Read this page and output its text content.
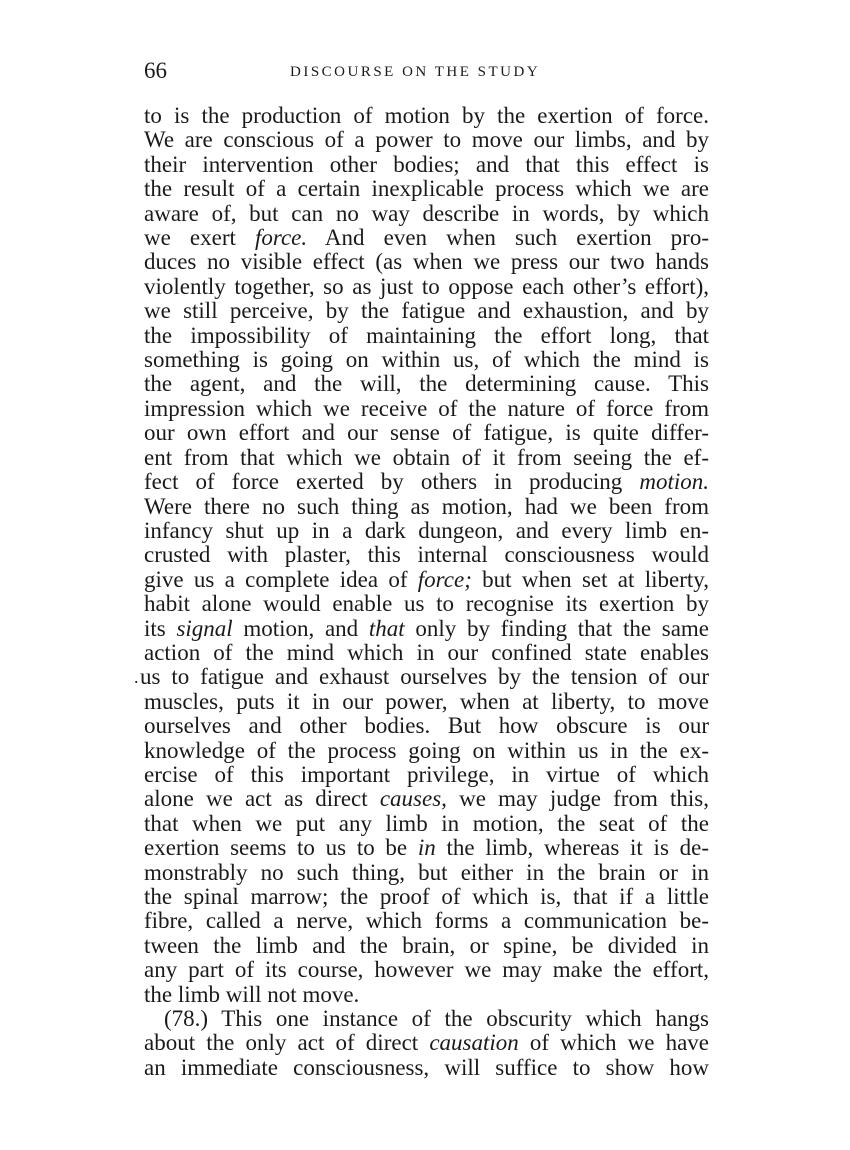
66	DISCOURSE ON THE STUDY
to is the production of motion by the exertion of force.
We are conscious of a power to move our limbs, and by
their intervention other bodies; and that this effect is
the result of a certain inexplicable process which we are
aware of, but can no way describe in words, by which
we exert force. And even when such exertion pro-
duces no visible effect (as when we press our two hands
violently together, so as just to oppose each other’s effort),
we still perceive, by the fatigue and exhaustion, and by
the impossibility of maintaining the effort long, that
something is going on within us, of which the mind is
the agent, and the will, the determining cause. This
impression which we receive of the nature of force from
our own effort and our sense of fatigue, is quite differ-
ent from that which we obtain of it from seeing the ef-
fect of force exerted by others in producing motion.
Were there no such thing as motion, had we been from
infancy shut up in a dark dungeon, and every limb en-
crusted with plaster, this internal consciousness would
give us a complete idea of force; but when set at liberty,
habit alone would enable us to recognise its exertion by
its signal motion, and that only by finding that the same
action of the mind which in our confined state enables
. us to fatigue and exhaust ourselves by the tension of our
muscles, puts it in our power, when at liberty, to move
ourselves and other bodies. But how obscure is our
knowledge of the process going on within us in the ex-
ercise of this important privilege, in virtue of which
alone we act as direct causes, we may judge from this,
that when we put any limb in motion, the seat of the
exertion seems to us to be in the limb, whereas it is de-
monstrably no such thing, but either in the brain or in
the spinal marrow; the proof of which is, that if a little
fibre, called a nerve, which forms a communication be-
tween the limb and the brain, or spine, be divided in
any part of its course, however we may make the effort,
the limb will not move.
(78.) This one instance of the obscurity which hangs
about the only act of direct causation of which we have
an immediate consciousness, will suffice to show how
